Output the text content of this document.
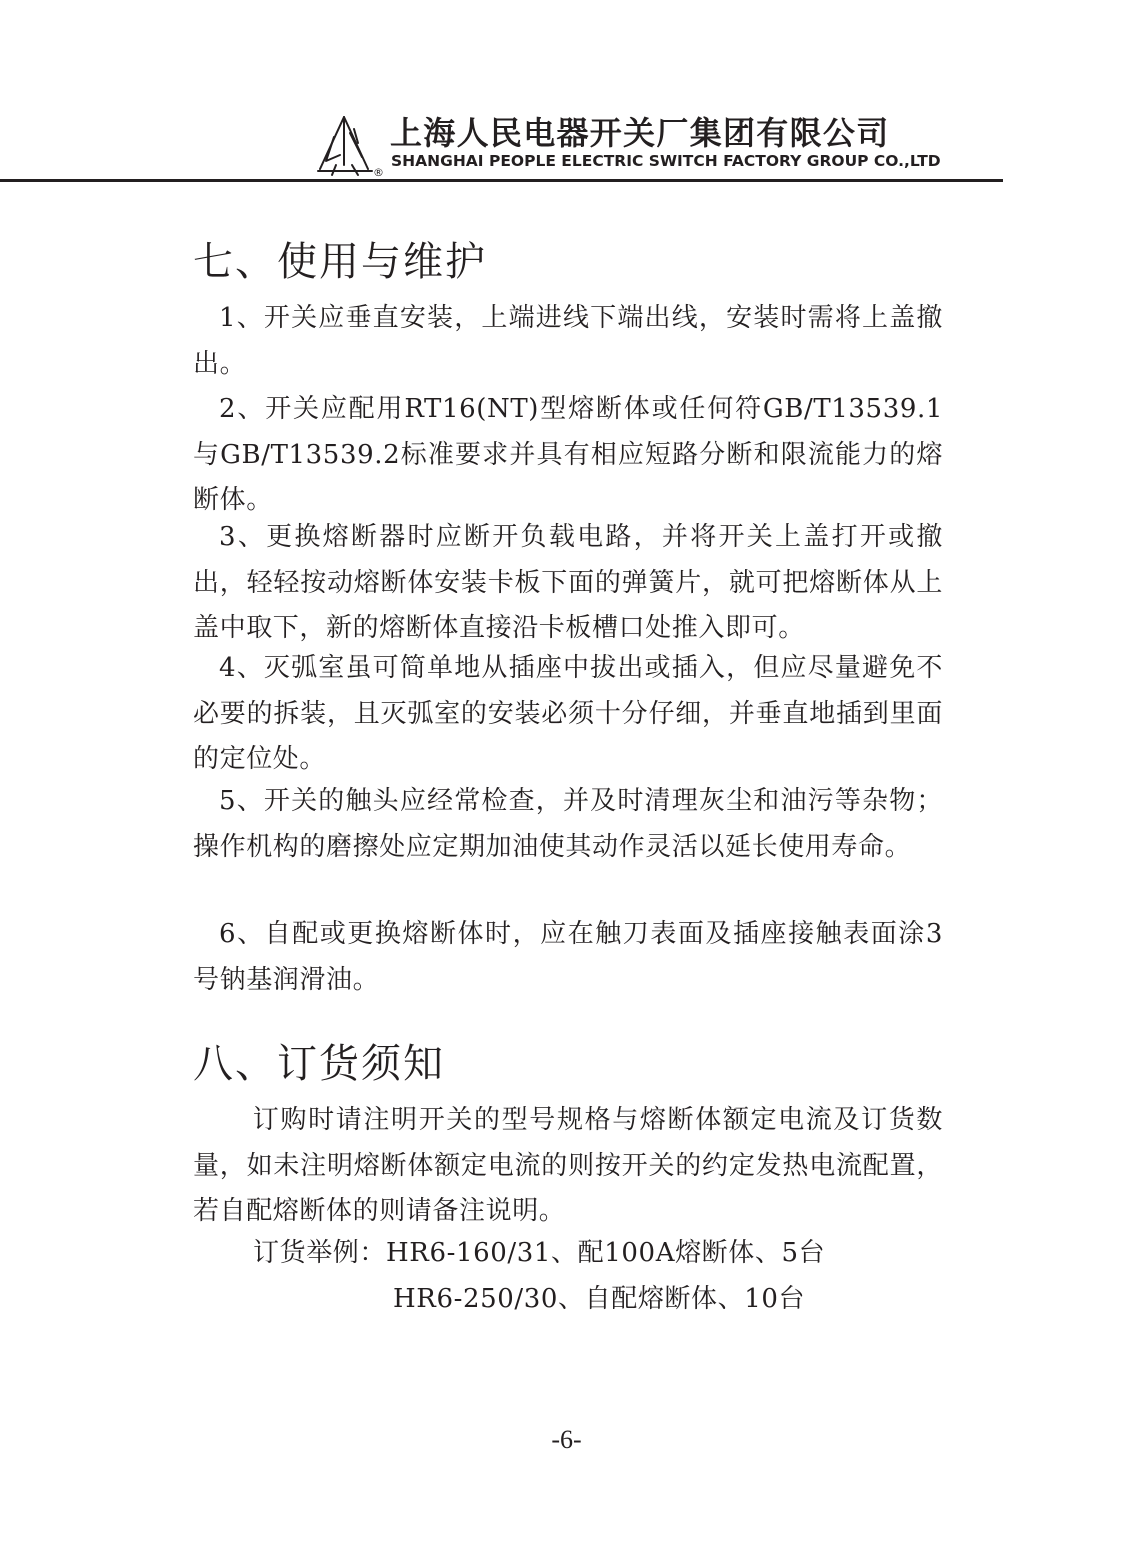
®
上海人民电器开关厂集团有限公司
SHANGHAI PEOPLE ELECTRIC SWITCH FACTORY GROUP CO.,LTD
七、使用与维护

1、开关应垂直安装，上端进线下端出线，安装时需将上盖撤出。

2、开关应配用RT16(NT)型熔断体或任何符GB/T13539.1与GB/T13539.2标准要求并具有相应短路分断和限流能力的熔断体。

3、更换熔断器时应断开负载电路，并将开关上盖打开或撤出，轻轻按动熔断体安装卡板下面的弹簧片，就可把熔断体从上盖中取下，新的熔断体直接沿卡板槽口处推入即可。

4、灭弧室虽可简单地从插座中拔出或插入，但应尽量避免不必要的拆装，且灭弧室的安装必须十分仔细，并垂直地插到里面的定位处。

5、开关的触头应经常检查，并及时清理灰尘和油污等杂物；操作机构的磨擦处应定期加油使其动作灵活以延长使用寿命。

6、自配或更换熔断体时，应在触刀表面及插座接触表面涂3号钠基润滑油。

八、订货须知

订购时请注明开关的型号规格与熔断体额定电流及订货数量，如未注明熔断体额定电流的则按开关的约定发热电流配置，若自配熔断体的则请备注说明。

订货举例：HR6-160/31、配100A熔断体、5台
HR6-250/30、自配熔断体、10台
-6-
